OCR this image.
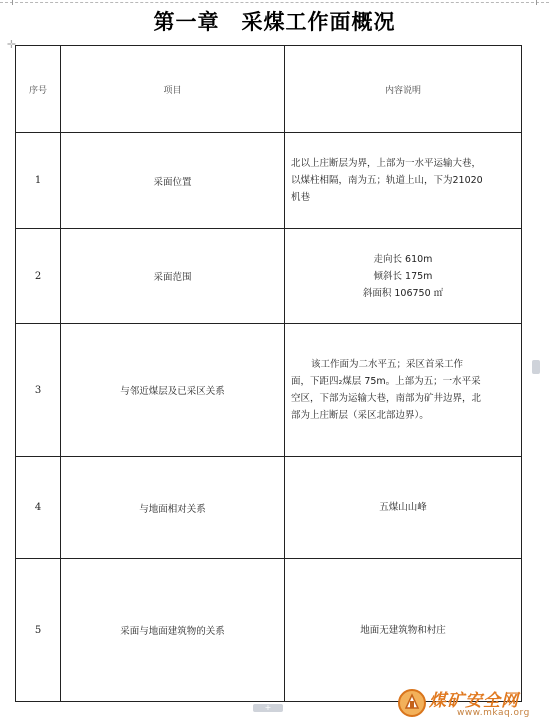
第一章　采煤工作面概况
✛
序号	项目	内容说明
1	采面位置	北以上庄断层为界，上部为一水平运输大巷，
以煤柱相隔，南为五；轨道上山，下为21020
机巷

2	采面范围	走向长 610m
倾斜长 175m
斜面积 106750 ㎡

3	与邻近煤层及已采区关系	该工作面为二水平五；采区首采工作
面，下距四₂煤层 75m。上部为五；一水平采
空区，下部为运输大巷，南部为矿井边界，北
部为上庄断层（采区北部边界）。

4	与地面相对关系	五煤山山峰

5	采面与地面建筑物的关系	地面无建筑物和村庄
+	煤矿安全网
www.mkaq.org
